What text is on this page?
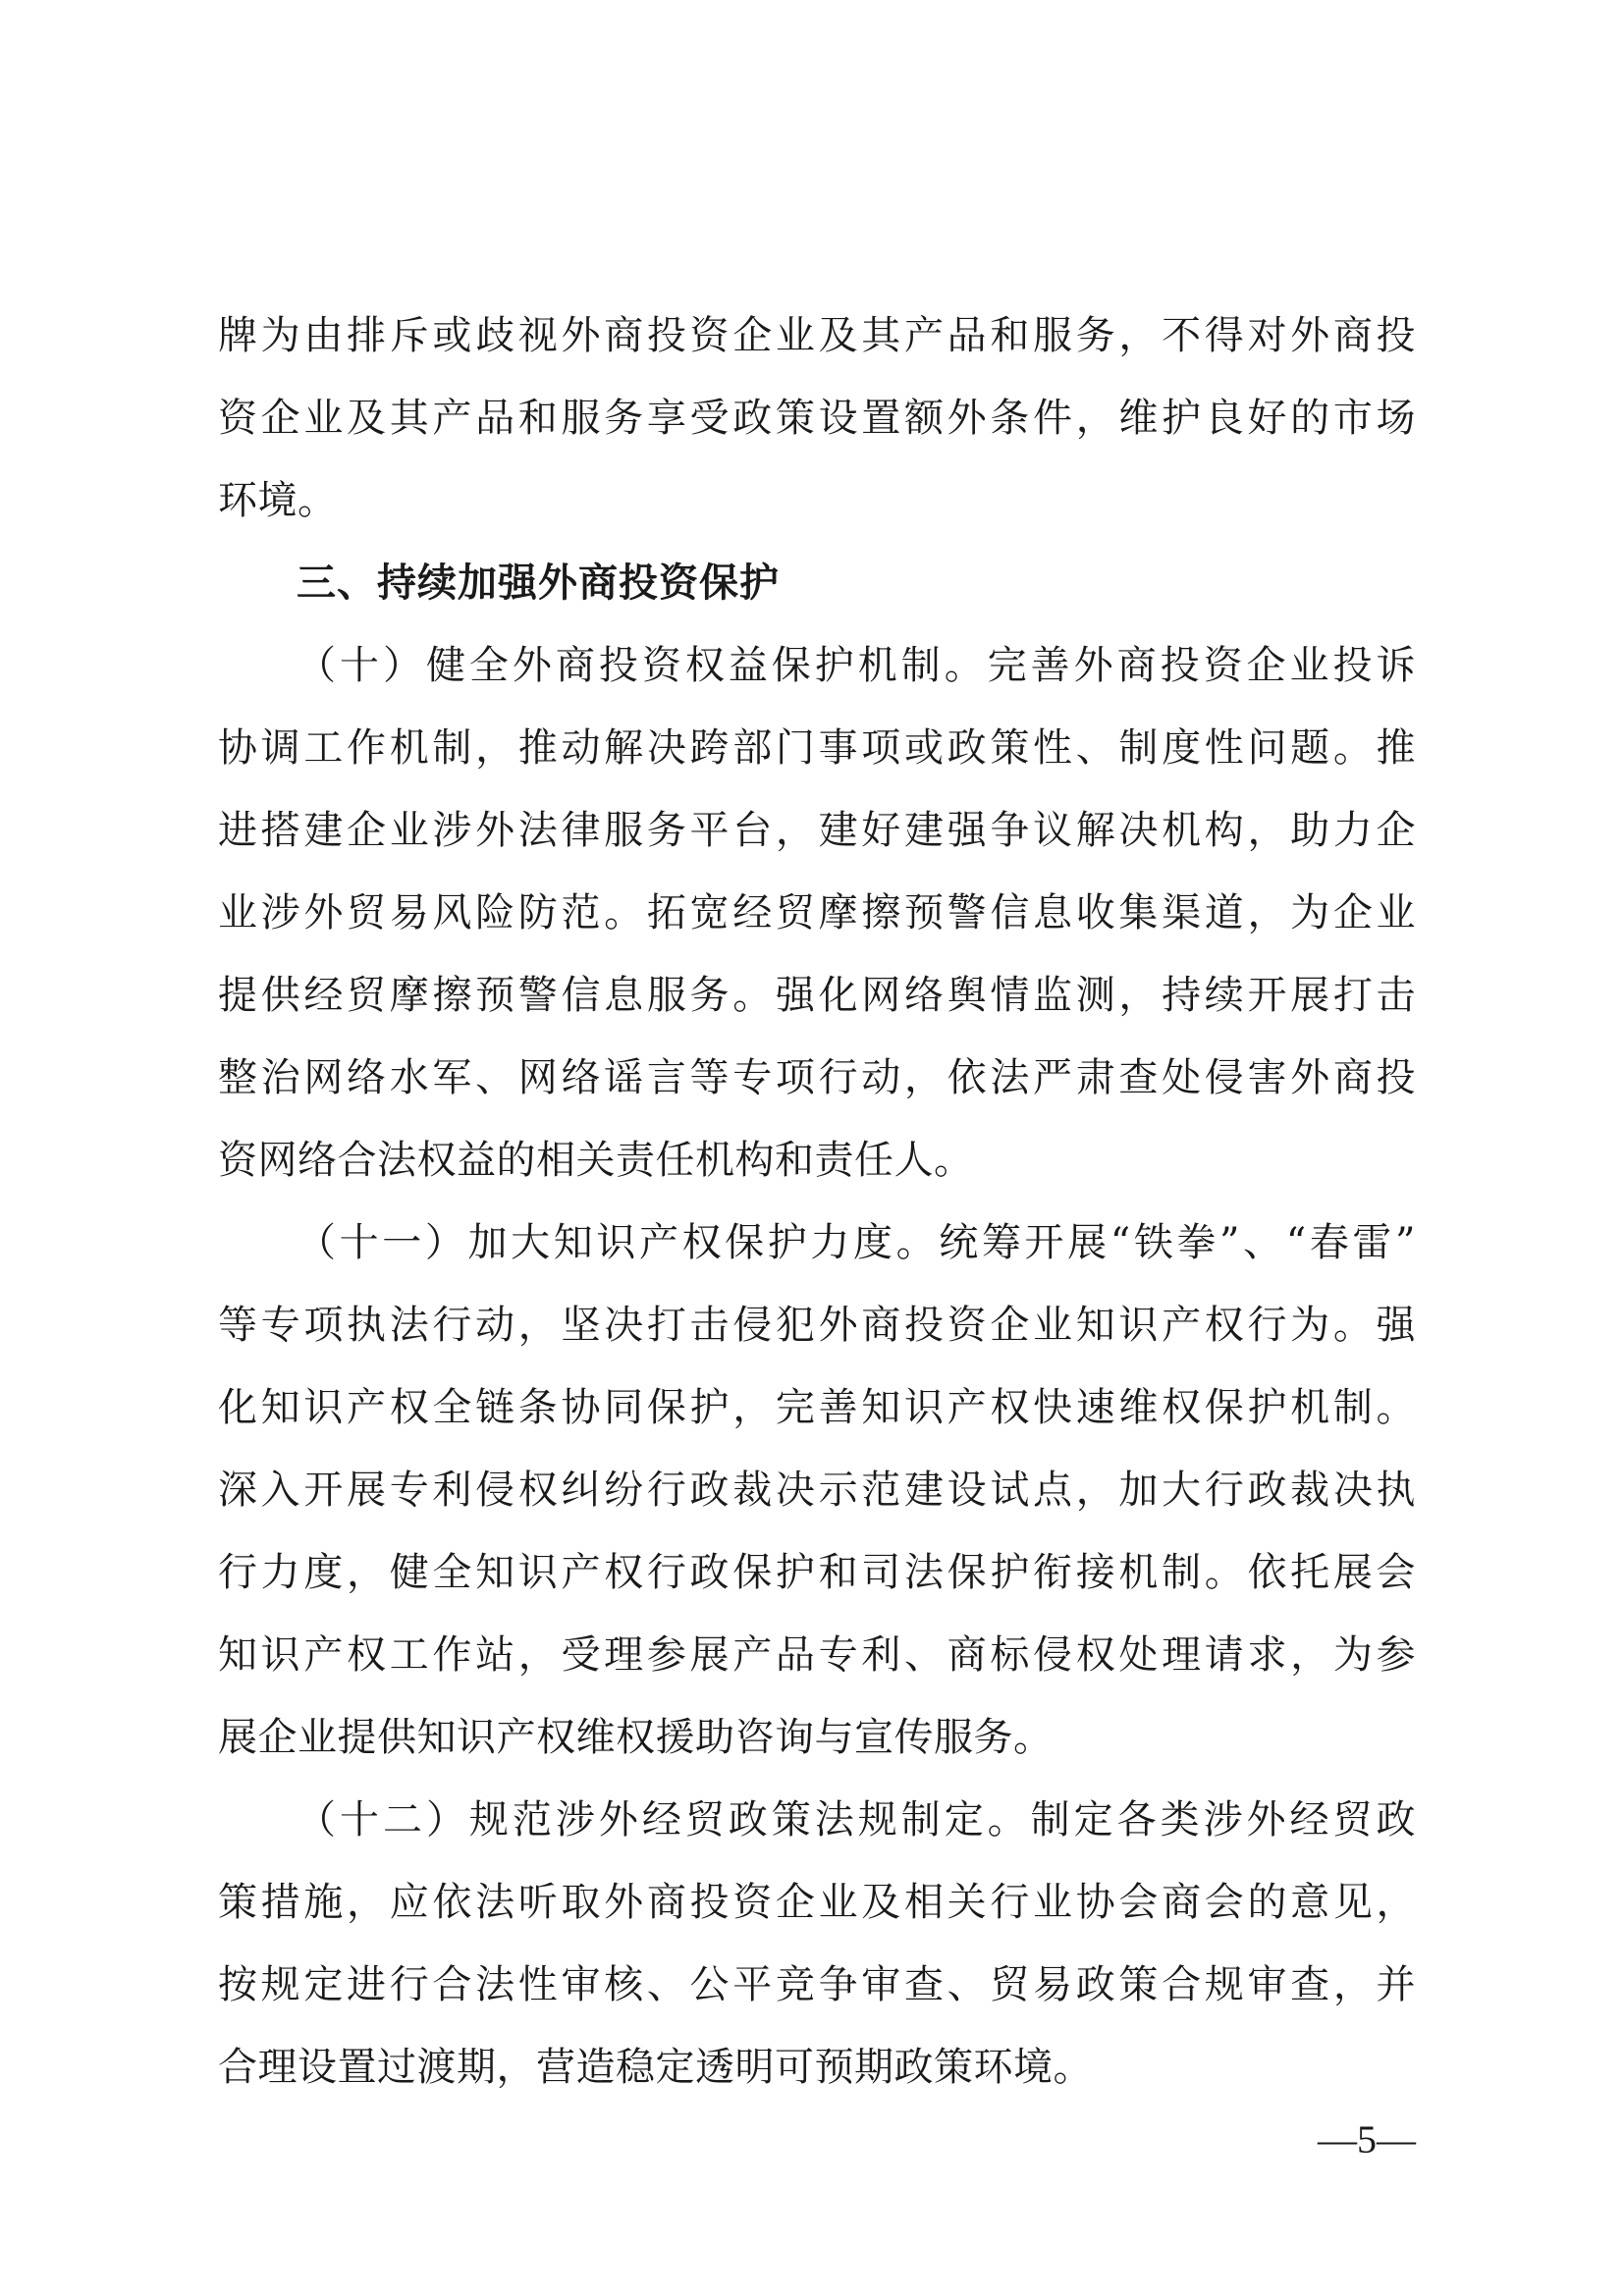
牌为由排斥或歧视外商投资企业及其产品和服务，不得对外商投
资企业及其产品和服务享受政策设置额外条件，维护良好的市场
环境。
三、持续加强外商投资保护
（十）健全外商投资权益保护机制。完善外商投资企业投诉
协调工作机制，推动解决跨部门事项或政策性、制度性问题。推
进搭建企业涉外法律服务平台，建好建强争议解决机构，助力企
业涉外贸易风险防范。拓宽经贸摩擦预警信息收集渠道，为企业
提供经贸摩擦预警信息服务。强化网络舆情监测，持续开展打击
整治网络水军、网络谣言等专项行动，依法严肃查处侵害外商投
资网络合法权益的相关责任机构和责任人。
（十一）加大知识产权保护力度。统筹开展“铁拳”、“春雷”
等专项执法行动，坚决打击侵犯外商投资企业知识产权行为。强
化知识产权全链条协同保护，完善知识产权快速维权保护机制。
深入开展专利侵权纠纷行政裁决示范建设试点，加大行政裁决执
行力度，健全知识产权行政保护和司法保护衔接机制。依托展会
知识产权工作站，受理参展产品专利、商标侵权处理请求，为参
展企业提供知识产权维权援助咨询与宣传服务。
（十二）规范涉外经贸政策法规制定。制定各类涉外经贸政
策措施，应依法听取外商投资企业及相关行业协会商会的意见，
按规定进行合法性审核、公平竞争审查、贸易政策合规审查，并
合理设置过渡期，营造稳定透明可预期政策环境。
—5—
